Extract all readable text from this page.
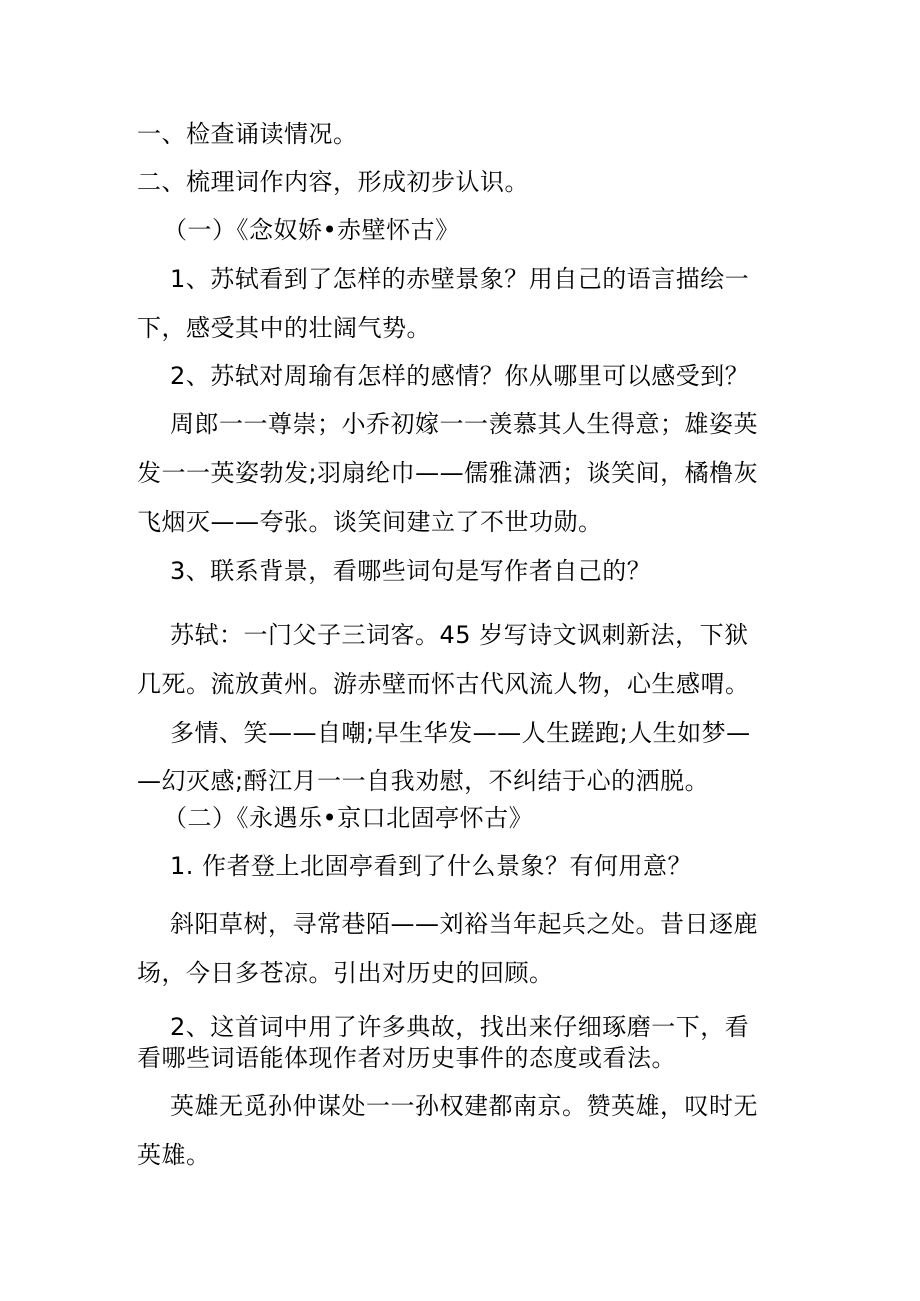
一、检查诵读情况。
二、梳理词作内容，形成初步认识。
（一）《念奴娇•赤壁怀古》
1、苏轼看到了怎样的赤壁景象？用自己的语言描绘一
下，感受其中的壮阔气势。
2、苏轼对周瑜有怎样的感情？你从哪里可以感受到？
周郎一一尊崇；小乔初嫁一一羡慕其人生得意；雄姿英
发一一英姿勃发;羽扇纶巾——儒雅潇洒；谈笑间，橘橹灰
飞烟灭——夸张。谈笑间建立了不世功勋。
3、联系背景，看哪些词句是写作者自己的？
苏轼：一门父子三词客。45 岁写诗文讽刺新法，下狱
几死。流放黄州。游赤壁而怀古代风流人物，心生感喟。
多情、笑——自嘲;早生华发——人生蹉跑;人生如梦—
—幻灭感;酹江月一一自我劝慰，不纠结于心的洒脱。
（二）《永遇乐•京口北固亭怀古》
1. 作者登上北固亭看到了什么景象？有何用意？
斜阳草树，寻常巷陌——刘裕当年起兵之处。昔日逐鹿
场，今日多苍凉。引出对历史的回顾。
2、这首词中用了许多典故，找出来仔细琢磨一下，看
看哪些词语能体现作者对历史事件的态度或看法。
英雄无觅孙仲谋处一一孙权建都南京。赞英雄，叹时无
英雄。
